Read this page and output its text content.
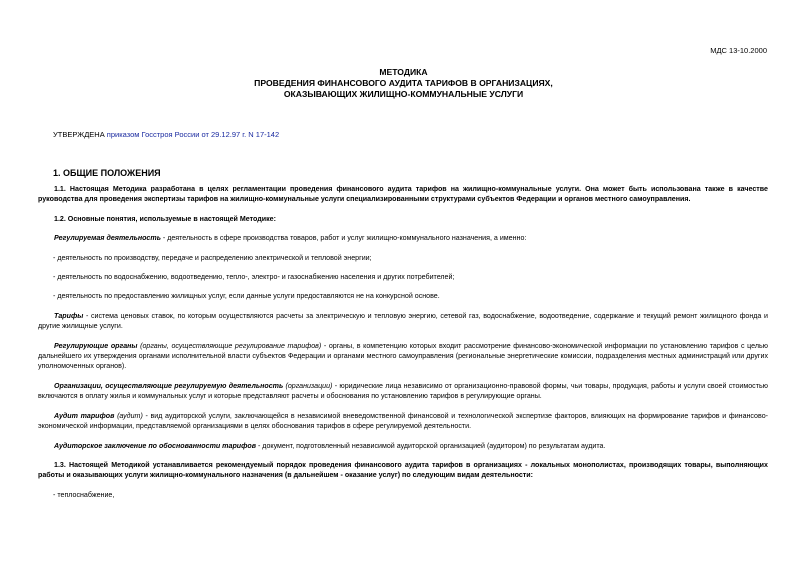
МДС 13-10.2000
МЕТОДИКА
ПРОВЕДЕНИЯ ФИНАНСОВОГО АУДИТА ТАРИФОВ В ОРГАНИЗАЦИЯХ,
ОКАЗЫВАЮЩИХ ЖИЛИЩНО-КОММУНАЛЬНЫЕ УСЛУГИ
УТВЕРЖДЕНА приказом Госстроя России от 29.12.97 г. N 17-142
1. ОБЩИЕ ПОЛОЖЕНИЯ

1.1. Настоящая Методика разработана в целях регламентации проведения финансового аудита тарифов на жилищно-коммунальные услуги. Она может быть использована также в качестве руководства для проведения экспертизы тарифов на жилищно-коммунальные услуги специализированными структурами субъектов Федерации и органов местного самоуправления.

1.2. Основные понятия, используемые в настоящей Методике:

Регулируемая деятельность - деятельность в сфере производства товаров, работ и услуг жилищно-коммунального назначения, а именно:

- деятельность по производству, передаче и распределению электрической и тепловой энергии;

- деятельность по водоснабжению, водоотведению, тепло-, электро- и газоснабжению населения и других потребителей;

- деятельность по предоставлению жилищных услуг, если данные услуги предоставляются не на конкурсной основе.

Тарифы - система ценовых ставок, по которым осуществляются расчеты за электрическую и тепловую энергию, сетевой газ, водоснабжение, водоотведение, содержание и текущий ремонт жилищного фонда и другие жилищные услуги.

Регулирующие органы (органы, осуществляющие регулирование тарифов) - органы, в компетенцию которых входит рассмотрение финансово-экономической информации по установлению тарифов с целью дальнейшего их утверждения органами исполнительной власти субъектов Федерации и органами местного самоуправления (региональные энергетические комиссии, подразделения местных администраций или других уполномоченных органов).

Организации, осуществляющие регулируемую деятельность (организации) - юридические лица независимо от организационно-правовой формы, чьи товары, продукция, работы и услуги своей стоимостью включаются в оплату жилья и коммунальных услуг и которые представляют расчеты и обоснования по установлению тарифов в регулирующие органы.

Аудит тарифов (аудит) - вид аудиторской услуги, заключающейся в независимой вневедомственной финансовой и технологической экспертизе факторов, влияющих на формирование тарифов и финансово-экономической информации, представляемой организациями в целях обоснования тарифов в сфере регулируемой деятельности.

Аудиторское заключение по обоснованности тарифов - документ, подготовленный независимой аудиторской организацией (аудитором) по результатам аудита.

1.3. Настоящей Методикой устанавливается рекомендуемый порядок проведения финансового аудита тарифов в организациях - локальных монополистах, производящих товары, выполняющих работы и оказывающих услуги жилищно-коммунального назначения (в дальнейшем - оказание услуг) по следующим видам деятельности:

- теплоснабжение,
